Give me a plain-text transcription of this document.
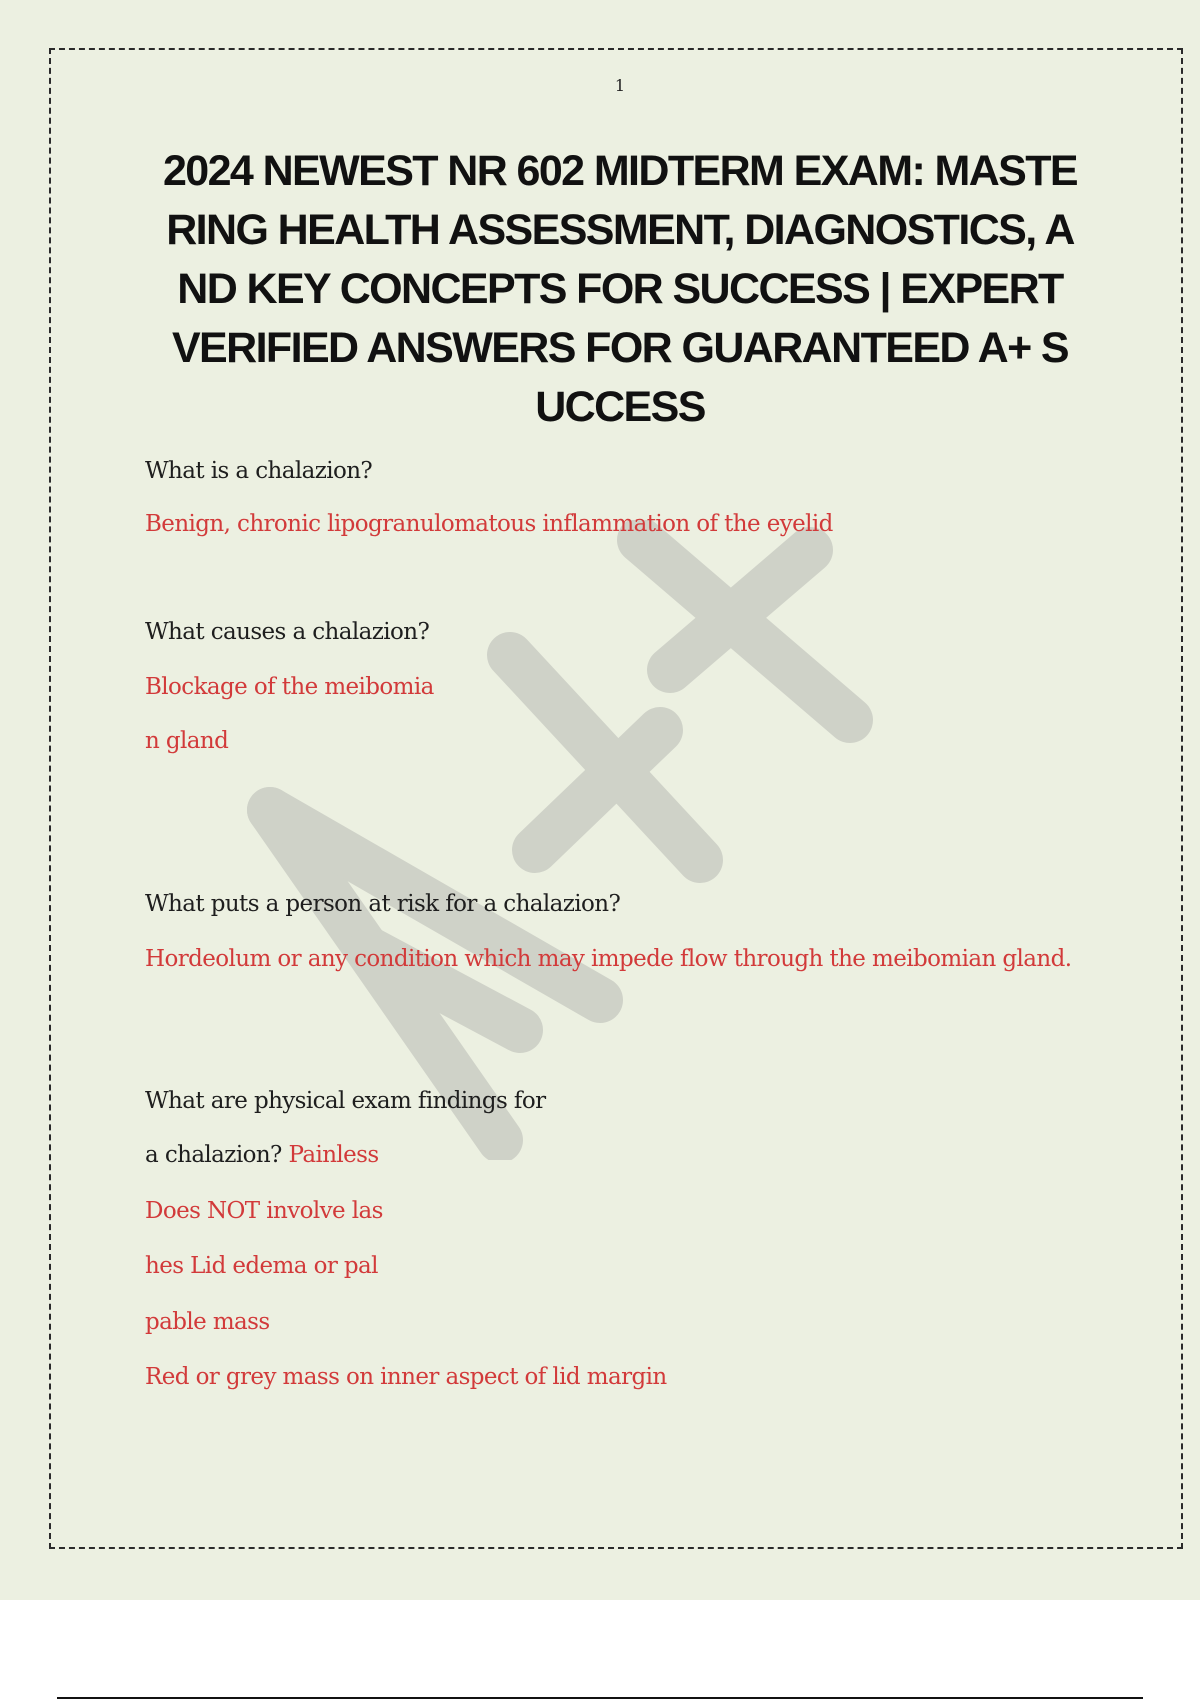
1
2024 NEWEST NR 602 MIDTERM EXAM: MASTERING HEALTH ASSESSMENT, DIAGNOSTICS, AND KEY CONCEPTS FOR SUCCESS | EXPERT VERIFIED ANSWERS FOR GUARANTEED A+ SUCCESS
What is a chalazion?
Benign, chronic lipogranulomatous inflammation of the eyelid
What causes a chalazion?
Blockage of the meibomia
n gland
What puts a person at risk for a chalazion?
Hordeolum or any condition which may impede flow through the meibomian gland.
What are physical exam findings for
a chalazion? Painless
Does NOT involve las
hes Lid edema or pal
pable mass
Red or grey mass on inner aspect of lid margin
